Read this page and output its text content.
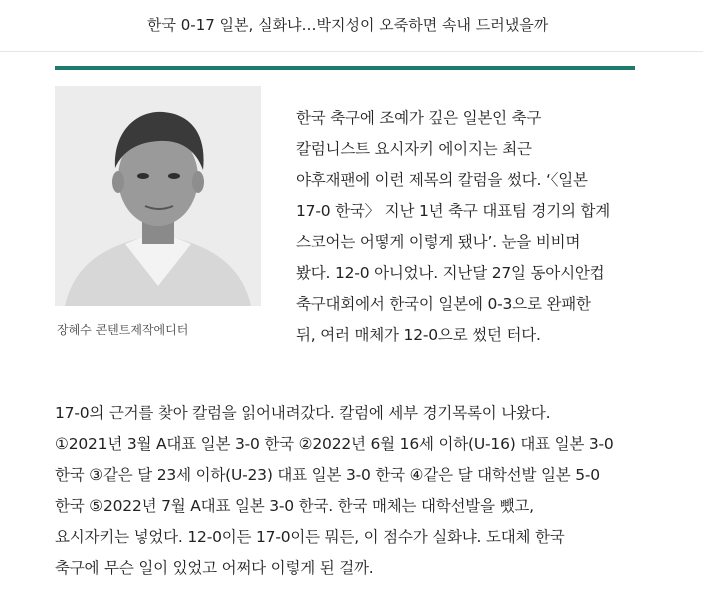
한국 0-17 일본, 실화냐…박지성이 오죽하면 속내 드러냈을까
장혜수 콘텐트제작에디터
한국 축구에 조예가 깊은 일본인 축구
칼럼니스트 요시자키 에이지는 최근
야후재팬에 이런 제목의 칼럼을 썼다. ‘〈일본
17-0 한국〉 지난 1년 축구 대표팀 경기의 합계
스코어는 어떻게 이렇게 됐나’. 눈을 비비며
봤다. 12-0 아니었나. 지난달 27일 동아시안컵
축구대회에서 한국이 일본에 0-3으로 완패한
뒤, 여러 매체가 12-0으로 썼던 터다.
17-0의 근거를 찾아 칼럼을 읽어내려갔다. 칼럼에 세부 경기목록이 나왔다.
①2021년 3월 A대표 일본 3-0 한국 ②2022년 6월 16세 이하(U-16) 대표 일본 3-0
한국 ③같은 달 23세 이하(U-23) 대표 일본 3-0 한국 ④같은 달 대학선발 일본 5-0
한국 ⑤2022년 7월 A대표 일본 3-0 한국. 한국 매체는 대학선발을 뺐고,
요시자키는 넣었다. 12-0이든 17-0이든 뭐든, 이 점수가 실화냐. 도대체 한국
축구에 무슨 일이 있었고 어쩌다 이렇게 된 걸까.
